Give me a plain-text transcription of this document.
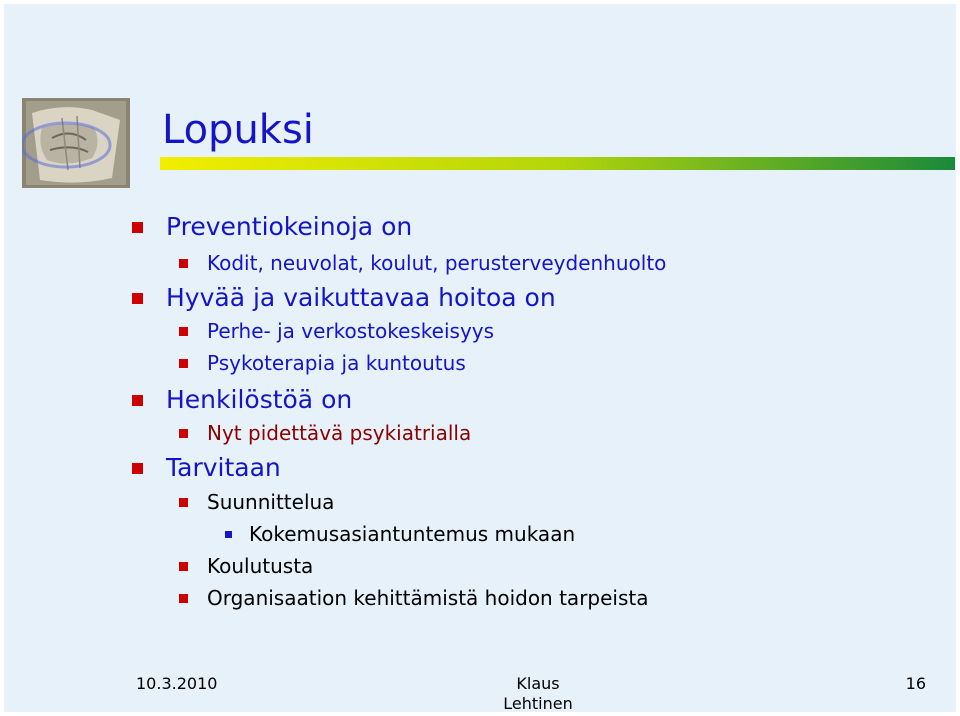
Lopuksi
Preventiokeinoja on
Kodit, neuvolat, koulut, perusterveydenhuolto
Hyvää ja vaikuttavaa hoitoa on
Perhe- ja verkostokeskeisyys
Psykoterapia ja kuntoutus
Henkilöstöä on
Nyt pidettävä psykiatrialla
Tarvitaan
Suunnittelua
Kokemusasiantuntemus mukaan
Koulutusta
Organisaation kehittämistä hoidon tarpeista
10.3.2010	Klaus Lehtinen
16
